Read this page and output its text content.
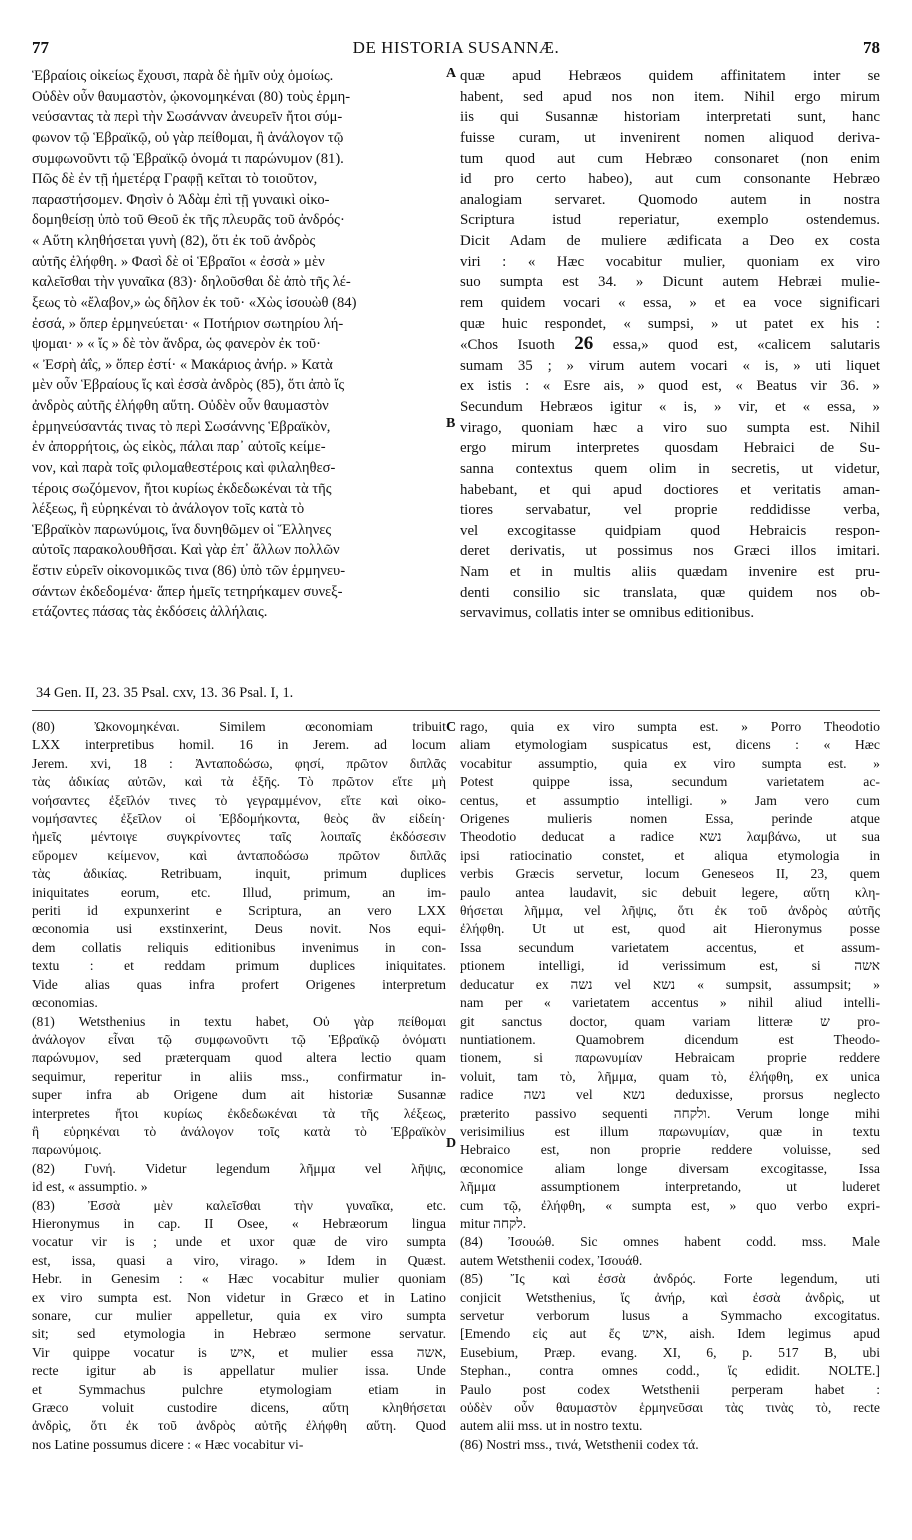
77	DE HISTORIA SUSANNÆ.	78
Ἑβραίοις οἰκείως ἔχουσι, παρὰ δὲ ἡμῖν οὐχ ὁμοίως.
Οὐδὲν οὖν θαυμαστὸν, ᾠκονομηκέναι (80) τοὺς ἑρμη-
νεύσαντας τὰ περὶ τὴν Σωσάνναν ἀνευρεῖν ἤτοι σύμ-
φωνον τῷ Ἑβραϊκῷ, οὐ γὰρ πείθομαι, ἢ ἀνάλογον τῷ
συμφωνοῦντι τῷ Ἑβραϊκῷ ὀνομά τι παρώνυμον (81).
Πῶς δὲ ἐν τῇ ἡμετέρᾳ Γραφῇ κεῖται τὸ τοιοῦτον,
παραστήσομεν. Φησὶν ὁ Ἀδὰμ ἐπὶ τῇ γυναικὶ οἰκο-
δομηθείσῃ ὑπὸ τοῦ Θεοῦ ἐκ τῆς πλευρᾶς τοῦ ἀνδρός·
« Αὕτη κληθήσεται γυνὴ (82), ὅτι ἐκ τοῦ ἀνδρὸς
αὐτῆς ἐλήφθη. » Φασὶ δὲ οἱ Ἑβραῖοι « ἐσσὰ » μὲν
καλεῖσθαι τὴν γυναῖκα (83)· δηλοῦσθαι δὲ ἀπὸ τῆς λέ-
ξεως τὸ «ἔλαβον,» ὡς δῆλον ἐκ τοῦ· «Χὼς ἰσουὼθ (84)
ἐσσά, » ὅπερ ἑρμηνεύεται· « Ποτήριον σωτηρίου λή-
ψομαι· » « ἴς » δὲ τὸν ἄνδρα, ὡς φανερὸν ἐκ τοῦ·
« Ἐσρὴ ἀΐς, » ὅπερ ἐστί· « Μακάριος ἀνήρ. » Κατὰ
μὲν οὖν Ἑβραίους ἴς καὶ ἐσσὰ ἀνδρὸς (85), ὅτι ἀπὸ ἴς
ἀνδρὸς αὐτῆς ἐλήφθη αὕτη. Οὐδὲν οὖν θαυμαστὸν
ἑρμηνεύσαντάς τινας τὸ περὶ Σωσάννης Ἑβραϊκὸν,
ἐν ἀπορρήτοις, ὡς εἰκὸς, πάλαι παρ᾽ αὐτοῖς κείμε-
νον, καὶ παρὰ τοῖς φιλομαθεστέροις καὶ φιλαληθεσ-
τέροις σωζόμενον, ἤτοι κυρίως ἐκδεδωκέναι τὰ τῆς
λέξεως, ἢ εὑρηκέναι τὸ ἀνάλογον τοῖς κατὰ τὸ
Ἑβραϊκὸν παρωνύμοις, ἵνα δυνηθῶμεν οἱ Ἕλληνες
αὐτοῖς παρακολουθῆσαι. Καὶ γὰρ ἐπ᾽ ἄλλων πολλῶν
ἔστιν εὑρεῖν οἰκονομικῶς τινα (86) ὑπὸ τῶν ἑρμηνευ-
σάντων ἐκδεδομένα· ἅπερ ἡμεῖς τετηρήκαμεν συνεξ-
ετάζοντες πάσας τὰς ἐκδόσεις ἀλλήλαις.
A
B
C
D
quæ apud Hebræos quidem affinitatem inter se
habent, sed apud nos non item. Nihil ergo mirum
iis qui Susannæ historiam interpretati sunt, hanc
fuisse curam, ut invenirent nomen aliquod deriva-
tum quod aut cum Hebræo consonaret (non enim
id pro certo habeo), aut cum consonante Hebræo
analogiam servaret. Quomodo autem in nostra
Scriptura istud reperiatur, exemplo ostendemus.
Dicit Adam de muliere ædificata a Deo ex costa
viri : « Hæc vocabitur mulier, quoniam ex viro
suo sumpta est 34. » Dicunt autem Hebræi mulie-
rem quidem vocari « essa, » et ea voce significari
quæ huic respondet, « sumpsi, » ut patet ex his :
«Chos Isuoth 26 essa,» quod est, «calicem salutaris
sumam 35 ; » virum autem vocari « is, » uti liquet
ex istis : « Esre ais, » quod est, « Beatus vir 36. »
Secundum Hebræos igitur « is, » vir, et « essa, »
virago, quoniam hæc a viro suo sumpta est. Nihil
ergo mirum interpretes quosdam Hebraici de Su-
sanna contextus quem olim in secretis, ut videtur,
habebant, et qui apud doctiores et veritatis aman-
tiores servabatur, vel proprie reddidisse verba,
vel excogitasse quidpiam quod Hebraicis respon-
deret derivatis, ut possimus nos Græci illos imitari.
Nam et in multis aliis quædam invenire est pru-
denti consilio sic translata, quæ quidem nos ob-
servavimus, collatis inter se omnibus editionibus.
34 Gen. II, 23. 35 Psal. cxv, 13. 36 Psal. I, 1.
(80) Ὠκονομηκέναι. Similem œconomiam tribuit
LXX interpretibus homil. 16 in Jerem. ad locum
Jerem. xvi, 18 : Ἀνταποδώσω, φησί, πρῶτον διπλᾶς
τὰς ἀδικίας αὐτῶν, καὶ τὰ ἑξῆς. Τὸ πρῶτον εἴτε μὴ
νοήσαντες ἐξεῖλόν τινες τὸ γεγραμμένον, εἴτε καὶ οἰκο-
νομήσαντες ἐξεῖλον οἱ Ἑβδομήκοντα, θεὸς ἂν εἰδείη·
ἡμεῖς μέντοιγε συγκρίνοντες ταῖς λοιπαῖς ἐκδόσεσιν
εὕρομεν κείμενον, καὶ ἀνταποδώσω πρῶτον διπλᾶς
τὰς ἀδικίας. Retribuam, inquit, primum duplices
iniquitates eorum, etc. Illud, primum, an im-
periti id expunxerint e Scriptura, an vero LXX
œconomia usi exstinxerint, Deus novit. Nos equi-
dem collatis reliquis editionibus invenimus in con-
textu : et reddam primum duplices iniquitates.
Vide alias quas infra profert Origenes interpretum
œconomias.
(81) Wetsthenius in textu habet, Οὐ γὰρ πείθομαι
ἀνάλογον εἶναι τῷ συμφωνοῦντι τῷ Ἑβραϊκῷ ὀνόματι
παρώνυμον, sed præterquam quod altera lectio quam
sequimur, reperitur in aliis mss., confirmatur in-
super infra ab Origene dum ait historiæ Susannæ
interpretes ἤτοι κυρίως ἐκδεδωκέναι τὰ τῆς λέξεως,
ἢ εὑρηκέναι τὸ ἀνάλογον τοῖς κατὰ τὸ Ἑβραϊκὸν
παρωνύμοις.
(82) Γυνή. Videtur legendum λῆμμα vel λῆψις,
id est, « assumptio. »
(83) Ἐσσὰ μὲν καλεῖσθαι τὴν γυναῖκα, etc.
Hieronymus in cap. II Osee, « Hebræorum lingua
vocatur vir is ; unde et uxor quæ de viro sumpta
est, issa, quasi a viro, virago. » Idem in Quæst.
Hebr. in Genesim : « Hæc vocabitur mulier quoniam
ex viro sumpta est. Non videtur in Græco et in Latino
sonare, cur mulier appelletur, quia ex viro sumpta
sit; sed etymologia in Hebræo sermone servatur.
Vir quippe vocatur is איש, et mulier essa אשה,
recte igitur ab is appellatur mulier issa. Unde
et Symmachus pulchre etymologiam etiam in
Græco voluit custodire dicens, αὕτη κληθήσεται
ἀνδρὶς, ὅτι ἐκ τοῦ ἀνδρὸς αὐτῆς ἐλήφθη αὕτη. Quod
nos Latine possumus dicere : « Hæc vocabitur vi-
rago, quia ex viro sumpta est. » Porro Theodotio
aliam etymologiam suspicatus est, dicens : « Hæc
vocabitur assumptio, quia ex viro sumpta est. »
Potest quippe issa, secundum varietatem ac-
centus, et assumptio intelligi. » Jam vero cum
Origenes mulieris nomen Essa, perinde atque
Theodotio deducat a radice נשא λαμβάνω, ut sua
ipsi ratiocinatio constet, et aliqua etymologia in
verbis Græcis servetur, locum Geneseos II, 23, quem
paulo antea laudavit, sic debuit legere, αὕτη κλη-
θήσεται λῆμμα, vel λῆψις, ὅτι ἐκ τοῦ ἀνδρὸς αὐτῆς
ἐλήφθη. Ut ut est, quod ait Hieronymus posse
Issa secundum varietatem accentus, et assum-
ptionem intelligi, id verissimum est, si אשה
deducatur ex נשה vel נשא « sumpsit, assumpsit; »
nam per « varietatem accentus » nihil aliud intelli-
git sanctus doctor, quam variam litteræ ש pro-
nuntiationem. Quamobrem dicendum est Theodo-
tionem, si παρωνυμίαν Hebraicam proprie reddere
voluit, tam τὸ, λῆμμα, quam τὸ, ἐλήφθη, ex unica
radice נשה vel נשא deduxisse, prorsus neglecto
præterito passivo sequenti ולקחה. Verum longe mihi
verisimilius est illum παρωνυμίαν, quæ in textu
Hebraico est, non proprie reddere voluisse, sed
œconomice aliam longe diversam excogitasse, Issa
λῆμμα assumptionem interpretando, ut luderet
cum τῷ, ἐλήφθη, « sumpta est, » quo verbo expri-
mitur לקחה.
(84) Ἰσουώθ. Sic omnes habent codd. mss. Male
autem Wetsthenii codex, Ἰσουάθ.
(85) Ἴς καὶ ἐσσὰ ἀνδρός. Forte legendum, uti
conjicit Wetsthenius, ἴς ἀνήρ, καὶ ἐσσὰ ἀνδρὶς, ut
servetur verborum lusus a Symmacho excogitatus.
[Emendo εἰς aut ἔς איש, aish. Idem legimus apud
Eusebium, Præp. evang. XI, 6, p. 517 B, ubi
Stephan., contra omnes codd., ἴς edidit. NOLTE.]
Paulo post codex Wetsthenii perperam habet :
οὐδὲν οὖν θαυμαστὸν ἑρμηνεῦσαι τὰς τινὰς τὸ, recte
autem alii mss. ut in nostro textu.
(86) Nostri mss., τινά, Wetsthenii codex τά.
